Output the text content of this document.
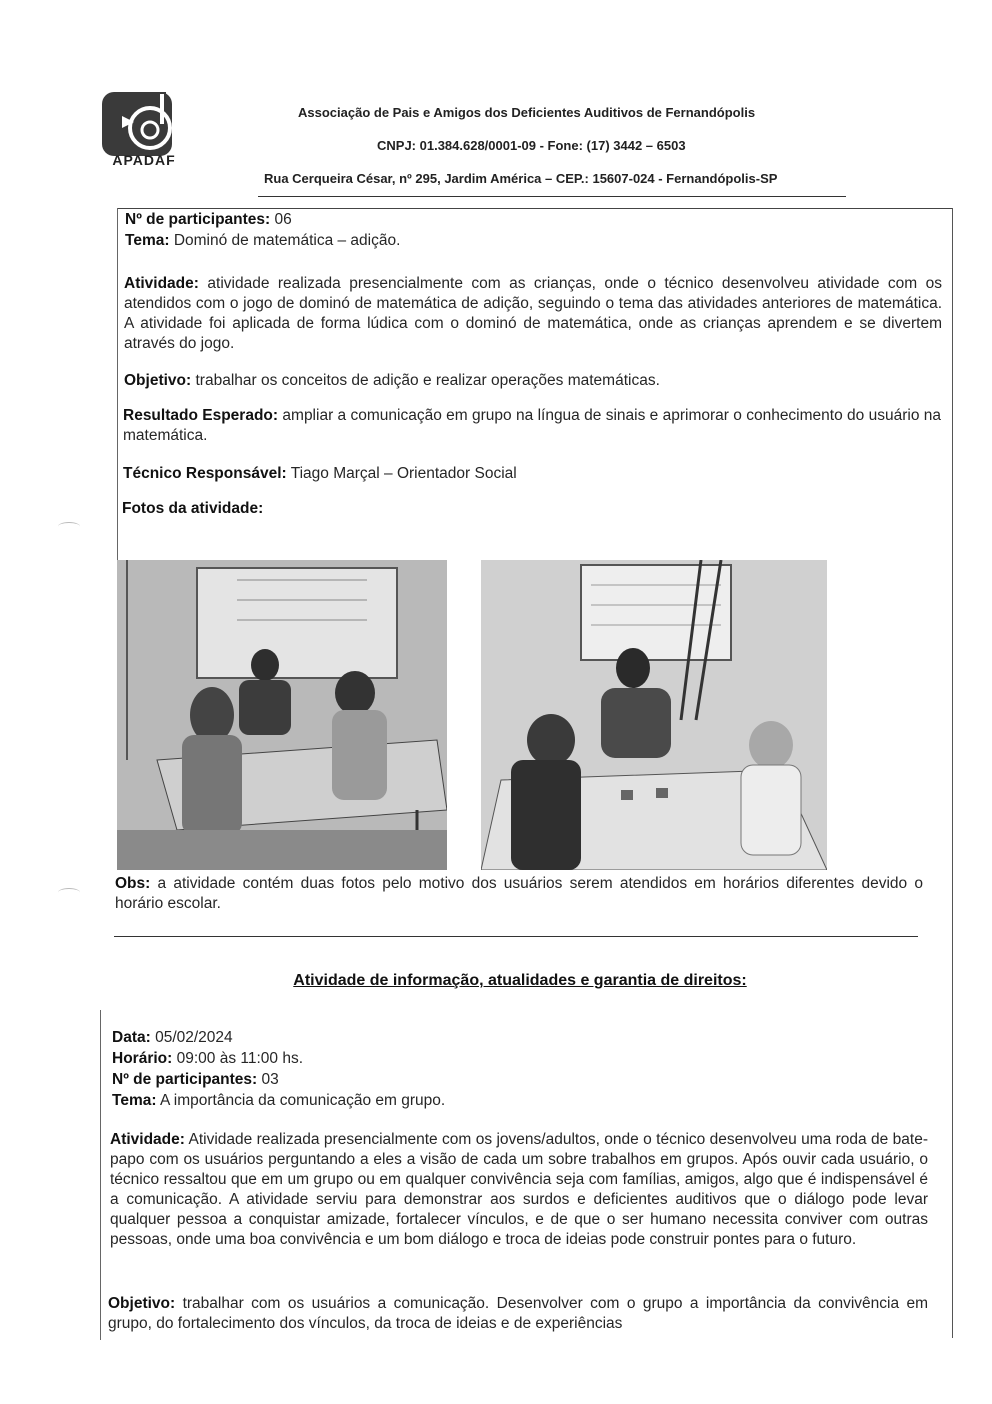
APADAF
Associação de Pais e Amigos dos Deficientes Auditivos de Fernandópolis
CNPJ: 01.384.628/0001-09 - Fone: (17) 3442 – 6503
Rua Cerqueira César, nº 295, Jardim América – CEP.: 15607-024 - Fernandópolis-SP
Nº de participantes: 06
Tema: Dominó de matemática – adição.
Atividade: atividade realizada presencialmente com as crianças, onde o técnico desenvolveu atividade com os atendidos com o jogo de dominó de matemática de adição, seguindo o tema das atividades anteriores de matemática. A atividade foi aplicada de forma lúdica com o dominó de matemática, onde as crianças aprendem e se divertem através do jogo.
Objetivo: trabalhar os conceitos de adição e realizar operações matemáticas.
Resultado Esperado: ampliar a comunicação em grupo na língua de sinais e aprimorar o conhecimento do usuário na matemática.
Técnico Responsável: Tiago Marçal – Orientador Social
Fotos da atividade:
Obs: a atividade contém duas fotos pelo motivo dos usuários serem atendidos em horários diferentes devido o horário escolar.
Atividade de informação, atualidades e garantia de direitos:
Data: 05/02/2024
Horário: 09:00 às 11:00 hs.
Nº de participantes: 03
Tema: A importância da comunicação em grupo.
Atividade: Atividade realizada presencialmente com os jovens/adultos, onde o técnico desenvolveu uma roda de bate-papo com os usuários perguntando a eles a visão de cada um sobre trabalhos em grupos. Após ouvir cada usuário, o técnico ressaltou que em um grupo ou em qualquer convivência seja com famílias, amigos, algo que é indispensável é a comunicação. A atividade serviu para demonstrar aos surdos e deficientes auditivos que o diálogo pode levar qualquer pessoa a conquistar amizade, fortalecer vínculos, e de que o ser humano necessita conviver com outras pessoas, onde uma boa convivência e um bom diálogo e troca de ideias pode construir pontes para o futuro.
Objetivo: trabalhar com os usuários a comunicação. Desenvolver com o grupo a importância da convivência em grupo, do fortalecimento dos vínculos, da troca de ideias e de experiências
